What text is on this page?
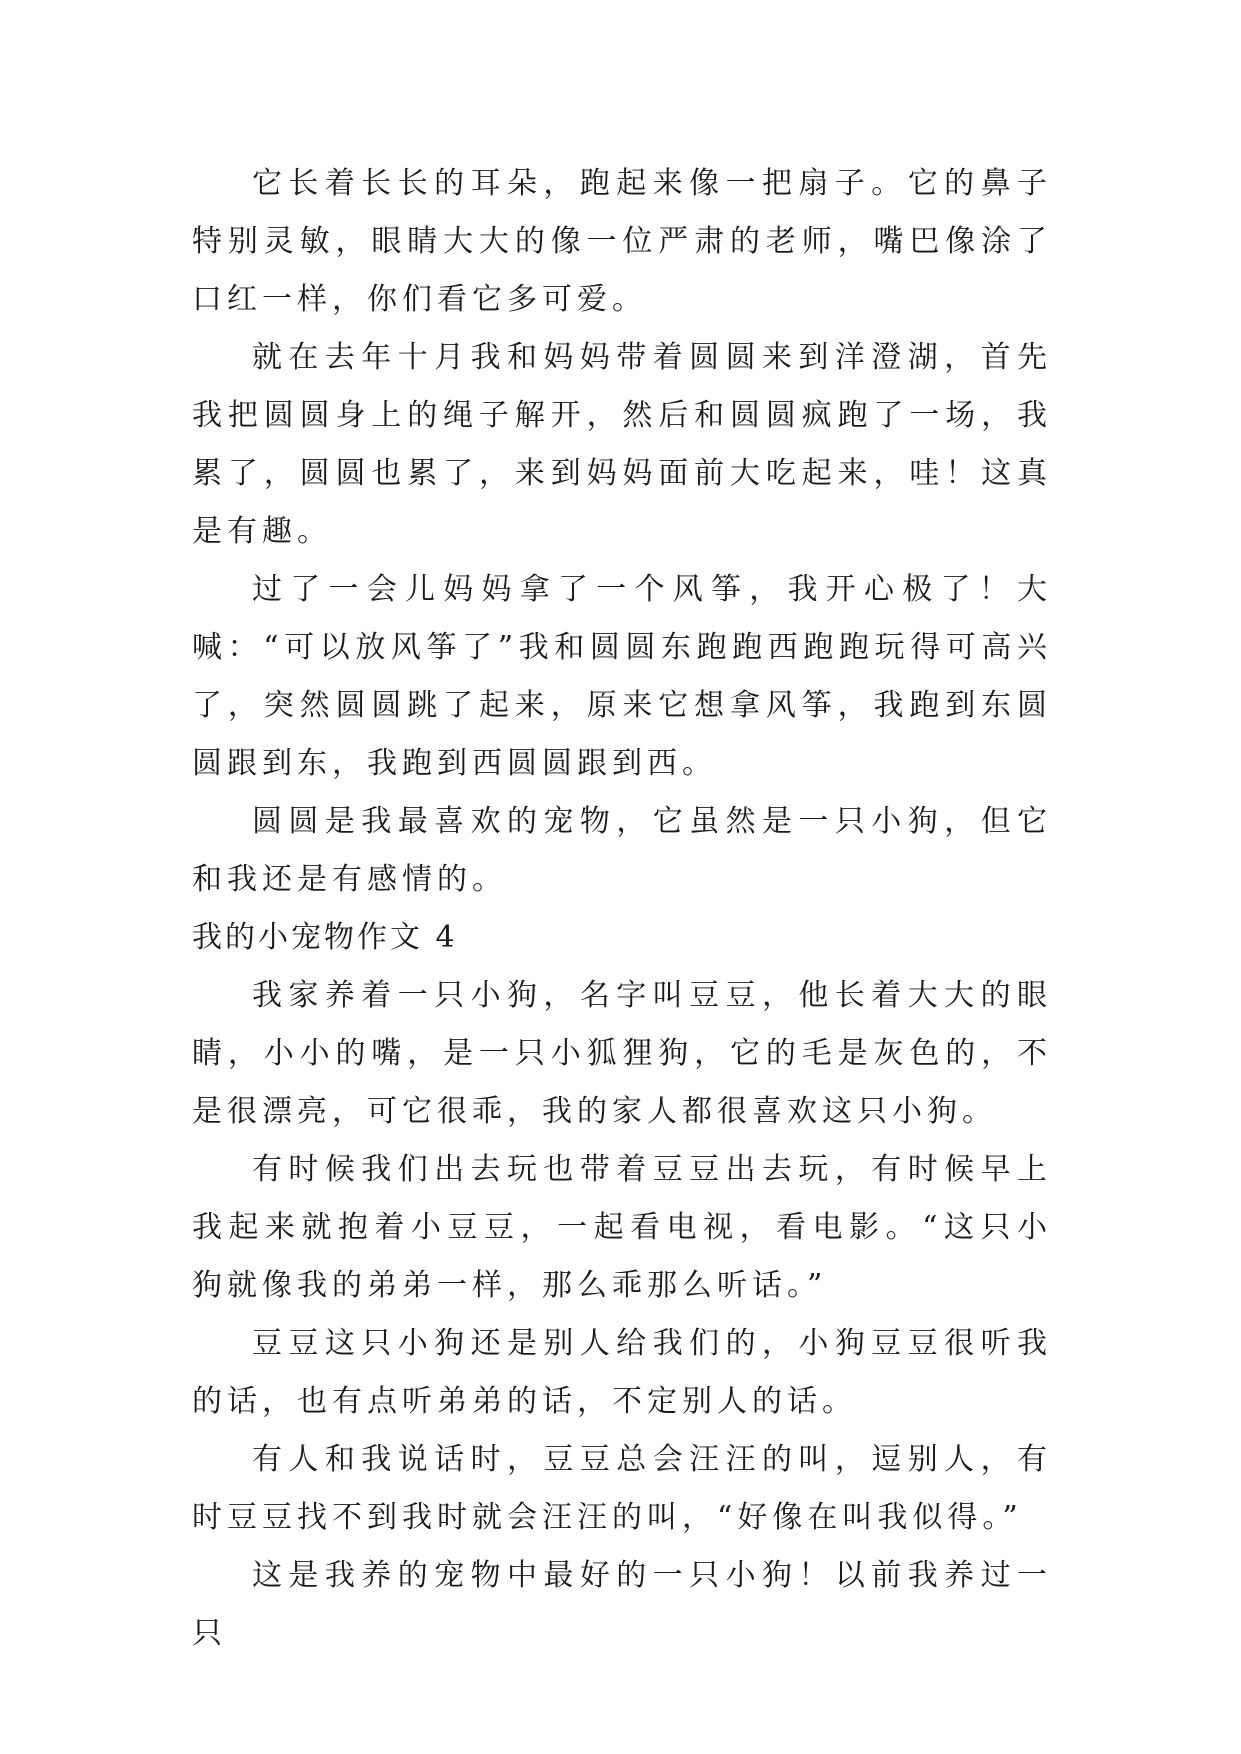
它长着长长的耳朵，跑起来像一把扇子。它的鼻子特别灵敏，眼睛大大的像一位严肃的老师，嘴巴像涂了口红一样，你们看它多可爱。

就在去年十月我和妈妈带着圆圆来到洋澄湖，首先我把圆圆身上的绳子解开，然后和圆圆疯跑了一场，我累了，圆圆也累了，来到妈妈面前大吃起来，哇！这真是有趣。

过了一会儿妈妈拿了一个风筝，我开心极了！大喊：“可以放风筝了”我和圆圆东跑跑西跑跑玩得可高兴了，突然圆圆跳了起来，原来它想拿风筝，我跑到东圆圆跟到东，我跑到西圆圆跟到西。

圆圆是我最喜欢的宠物，它虽然是一只小狗，但它和我还是有感情的。

我的小宠物作文 4

我家养着一只小狗，名字叫豆豆，他长着大大的眼睛，小小的嘴，是一只小狐狸狗，它的毛是灰色的，不是很漂亮，可它很乖，我的家人都很喜欢这只小狗。

有时候我们出去玩也带着豆豆出去玩，有时候早上我起来就抱着小豆豆，一起看电视，看电影。“这只小狗就像我的弟弟一样，那么乖那么听话。”

豆豆这只小狗还是别人给我们的，小狗豆豆很听我的话，也有点听弟弟的话，不定别人的话。

有人和我说话时，豆豆总会汪汪的叫，逗别人，有时豆豆找不到我时就会汪汪的叫，“好像在叫我似得。”

这是我养的宠物中最好的一只小狗！以前我养过一只
